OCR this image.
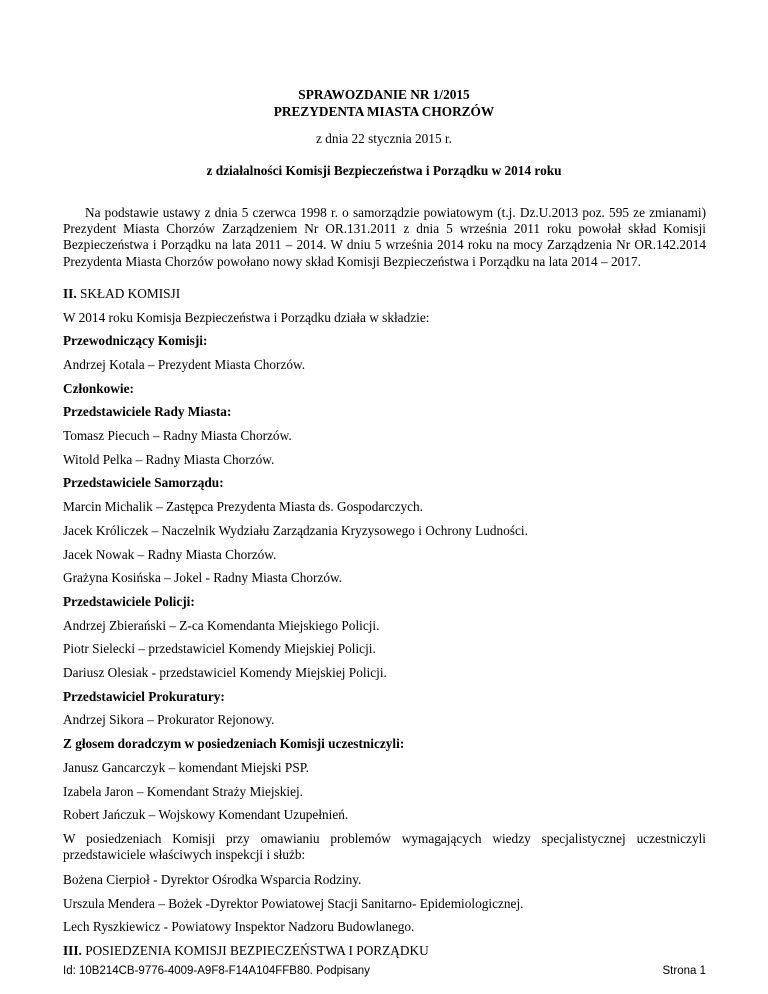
SPRAWOZDANIE NR 1/2015
PREZYDENTA MIASTA CHORZÓW
z dnia 22 stycznia 2015 r.
z działalności Komisji Bezpieczeństwa i Porządku w 2014 roku
Na podstawie ustawy z dnia 5 czerwca 1998 r. o samorządzie powiatowym (t.j. Dz.U.2013 poz. 595 ze zmianami) Prezydent Miasta Chorzów Zarządzeniem Nr OR.131.2011 z dnia 5 września 2011 roku powołał skład Komisji Bezpieczeństwa i Porządku na lata 2011 – 2014. W dniu 5 września 2014 roku na mocy Zarządzenia Nr OR.142.2014 Prezydenta Miasta Chorzów powołano nowy skład Komisji Bezpieczeństwa i Porządku na lata 2014 – 2017.
II. SKŁAD KOMISJI
W 2014 roku Komisja Bezpieczeństwa i Porządku działa w składzie:
Przewodniczący Komisji:
Andrzej Kotala – Prezydent Miasta Chorzów.
Członkowie:
Przedstawiciele Rady Miasta:
Tomasz Piecuch – Radny Miasta Chorzów.
Witold Pelka – Radny Miasta Chorzów.
Przedstawiciele Samorządu:
Marcin Michalik – Zastępca Prezydenta Miasta ds. Gospodarczych.
Jacek Króliczek – Naczelnik Wydziału Zarządzania Kryzysowego i Ochrony Ludności.
Jacek Nowak – Radny Miasta Chorzów.
Grażyna Kosińska – Jokel - Radny Miasta Chorzów.
Przedstawiciele Policji:
Andrzej Zbierański – Z-ca Komendanta Miejskiego Policji.
Piotr Sielecki – przedstawiciel Komendy Miejskiej Policji.
Dariusz Olesiak - przedstawiciel Komendy Miejskiej Policji.
Przedstawiciel Prokuratury:
Andrzej Sikora – Prokurator Rejonowy.
Z głosem doradczym w posiedzeniach Komisji uczestniczyli:
Janusz Gancarczyk – komendant Miejski PSP.
Izabela Jaron – Komendant Straży Miejskiej.
Robert Jańczuk – Wojskowy Komendant Uzupełnień.
W posiedzeniach Komisji przy omawianiu problemów wymagających wiedzy specjalistycznej uczestniczyli przedstawiciele właściwych inspekcji i służb:
Bożena Cierpioł - Dyrektor Ośrodka Wsparcia Rodziny.
Urszula Mendera – Bożek -Dyrektor Powiatowej Stacji Sanitarno- Epidemiologicznej.
Lech Ryszkiewicz - Powiatowy Inspektor Nadzoru Budowlanego.
III. POSIEDZENIA KOMISJI BEZPIECZEŃSTWA I PORZĄDKU
Id: 10B214CB-9776-4009-A9F8-F14A104FFB80. Podpisany	Strona 1
